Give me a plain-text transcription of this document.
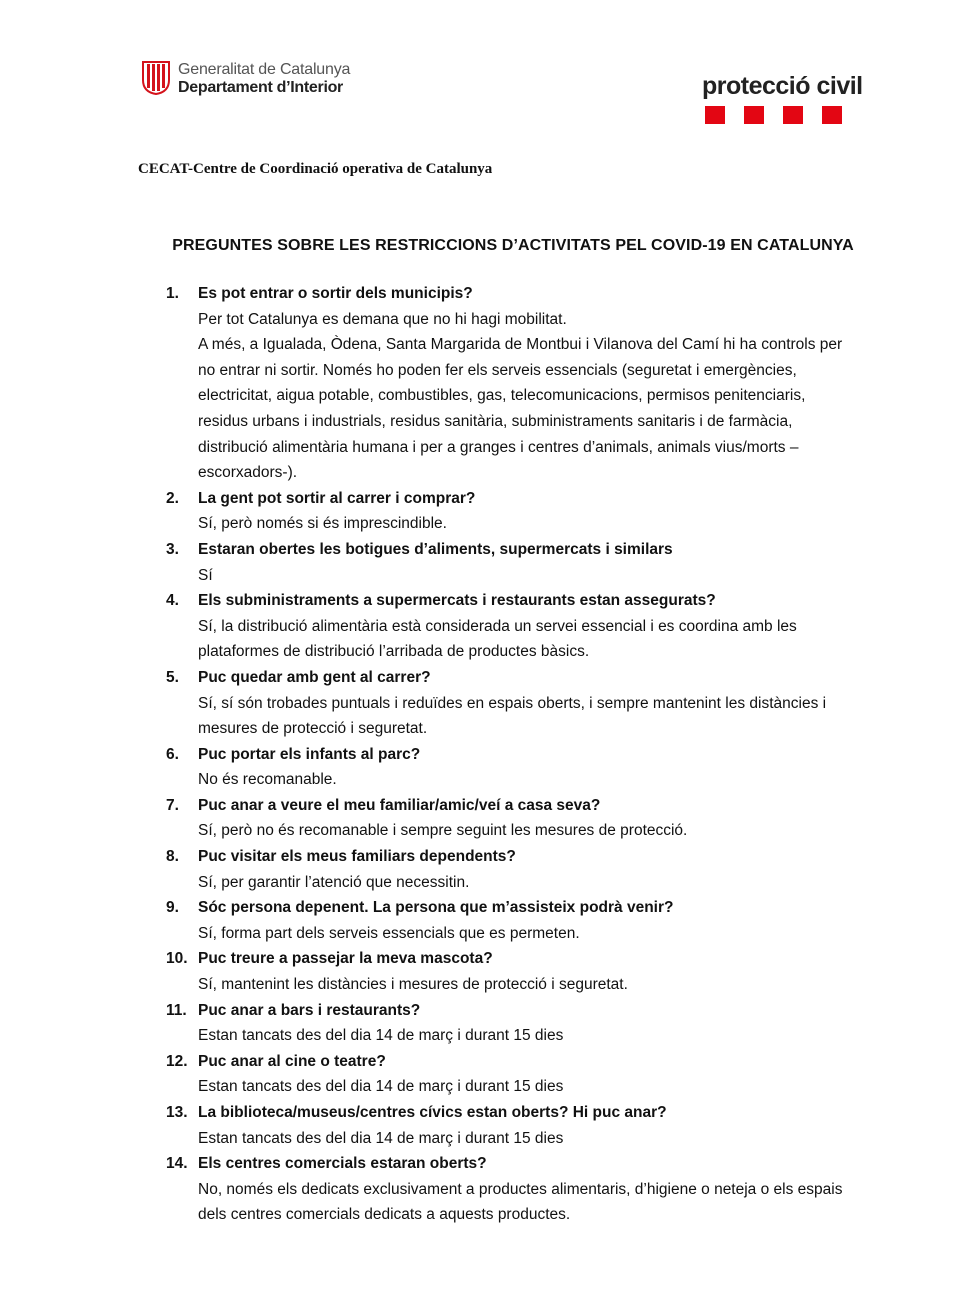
Generalitat de Catalunya
Departament d’Interior	protecció civil
CECAT-Centre de Coordinació operativa de Catalunya
PREGUNTES SOBRE LES RESTRICCIONS D’ACTIVITATS PEL COVID-19 EN CATALUNYA
1.	Es pot entrar o sortir dels municipis?
Per tot Catalunya es demana que no hi hagi mobilitat.
A més, a Igualada, Òdena, Santa Margarida de Montbui i Vilanova del Camí hi ha controls per
no entrar ni sortir. Només ho poden fer els serveis essencials (seguretat i emergències,
electricitat, aigua potable, combustibles, gas, telecomunicacions, permisos penitenciaris,
residus urbans i industrials, residus sanitària, subministraments sanitaris i de farmàcia,
distribució alimentària humana i per a granges i centres d’animals, animals vius/morts –
escorxadors-).
2.	La gent pot sortir al carrer i comprar?
Sí, però només si és imprescindible.
3.	Estaran obertes les botigues d’aliments, supermercats i similars
Sí
4.	Els subministraments a supermercats i restaurants estan assegurats?
Sí, la distribució alimentària està considerada un servei essencial i es coordina amb les
plataformes de distribució l’arribada de productes bàsics.
5.	Puc quedar amb gent al carrer?
Sí, sí són trobades puntuals i reduïdes en espais oberts, i sempre mantenint les distàncies i
mesures de protecció i seguretat.
6.	Puc portar els infants al parc?
No és recomanable.
7.	Puc anar a veure el meu familiar/amic/veí a casa seva?
Sí, però no és recomanable i sempre seguint les mesures de protecció.
8.	Puc visitar els meus familiars dependents?
Sí, per garantir l’atenció que necessitin.
9.	Sóc persona depenent. La persona que m’assisteix podrà venir?
Sí, forma part dels serveis essencials que es permeten.
10. Puc treure a passejar la meva mascota?
Sí, mantenint les distàncies i mesures de protecció i seguretat.
11. Puc anar a bars i restaurants?
Estan tancats des del dia 14 de març i durant 15 dies
12. Puc anar al cine o teatre?
Estan tancats des del dia 14 de març i durant 15 dies
13. La biblioteca/museus/centres cívics estan oberts? Hi puc anar?
Estan tancats des del dia 14 de març i durant 15 dies
14. Els centres comercials estaran oberts?
No, només els dedicats exclusivament a productes alimentaris, d’higiene o neteja o els espais
dels centres comercials dedicats a aquests productes.
